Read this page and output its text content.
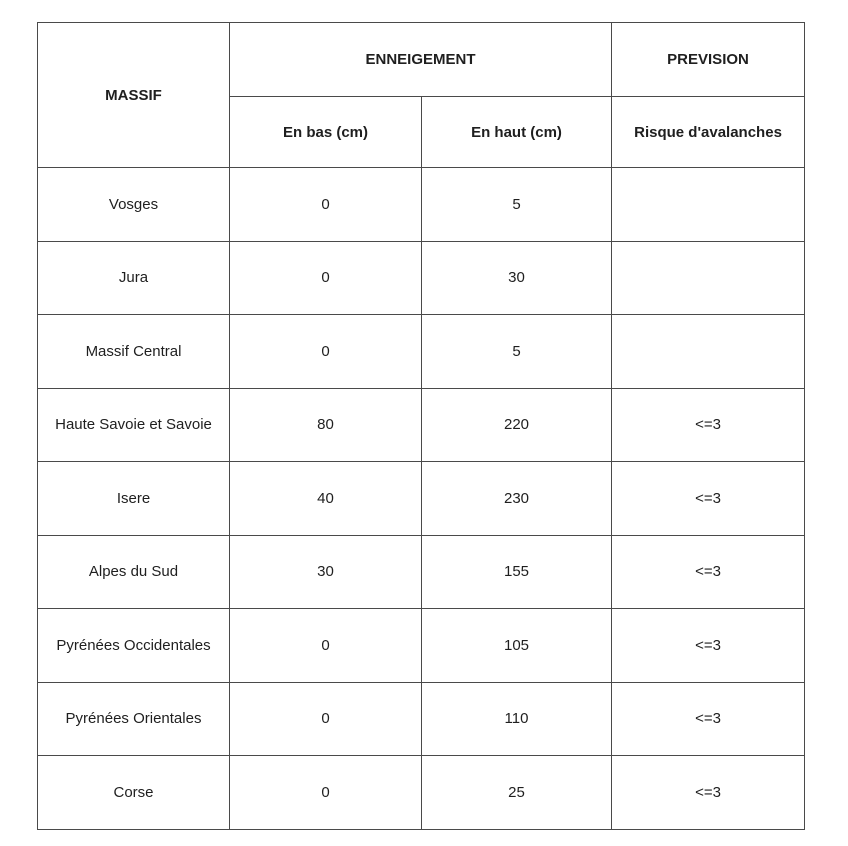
MASSIF	ENNEIGEMENT		PREVISION
	En bas (cm)	En haut (cm)	Risque d'avalanches
Vosges	0	5	
Jura	0	30	
Massif Central	0	5	
Haute Savoie et Savoie	80	220	<=3
Isere	40	230	<=3
Alpes du Sud	30	155	<=3
Pyrénées Occidentales	0	105	<=3
Pyrénées Orientales	0	110	<=3
Corse	0	25	<=3
